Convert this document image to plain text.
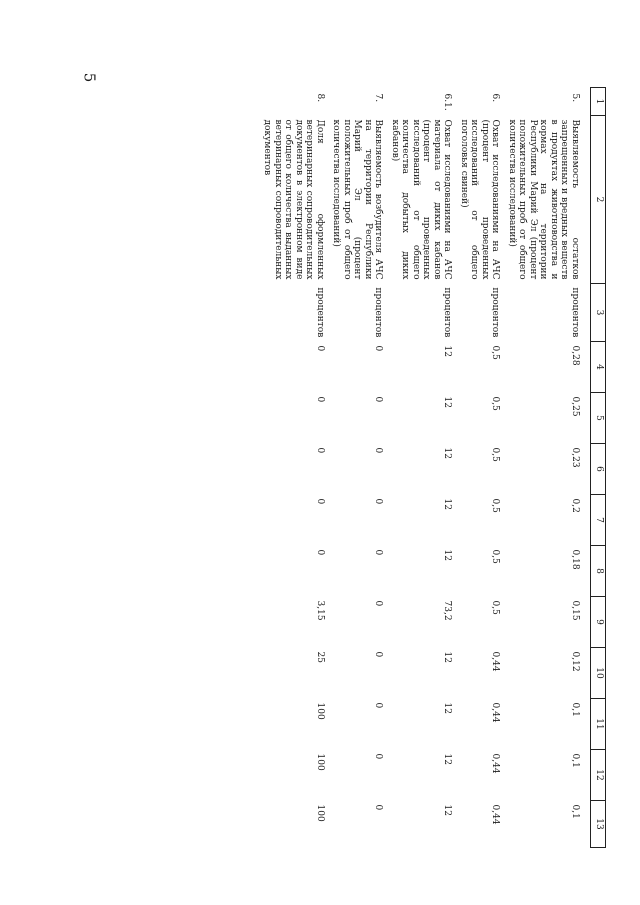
5
1	2	3	4	5	6	7	8	9	10	11	12	13
5.	Выявляемость остатков запрещенных и вредных веществ в продуктах животноводства и кормах на территории Республики Марий Эл (процент положительных проб от общего количества исследований)	процентов	0,28	0,25	0,23	0,2	0,18	0,15	0,12	0,1	0,1	0,1
6.	Охват исследованиями на АЧС (процент проведенных исследований от общего поголовья свиней)	процентов	0,5	0,5	0,5	0,5	0,5	0,5	0,44	0,44	0,44	0,44
6.1.	Охват исследованиями на АЧС материала от диких кабанов (процент проведенных исследований от общего количества добытых диких кабанов)	процентов	12	12	12	12	12	73,2	12	12	12	12
7.	Выявляемость возбудителя АЧС на территории Республики Марий Эл (процент положительных проб от общего количества исследований)	процентов	0	0	0	0	0	0	0	0	0	0
8.	Доля оформленных ветеринарных сопроводительных документов в электронном виде от общего количества выданных ветеринарных сопроводительных документов	процентов	0	0	0	0	0	3,15	25	100	100	100
